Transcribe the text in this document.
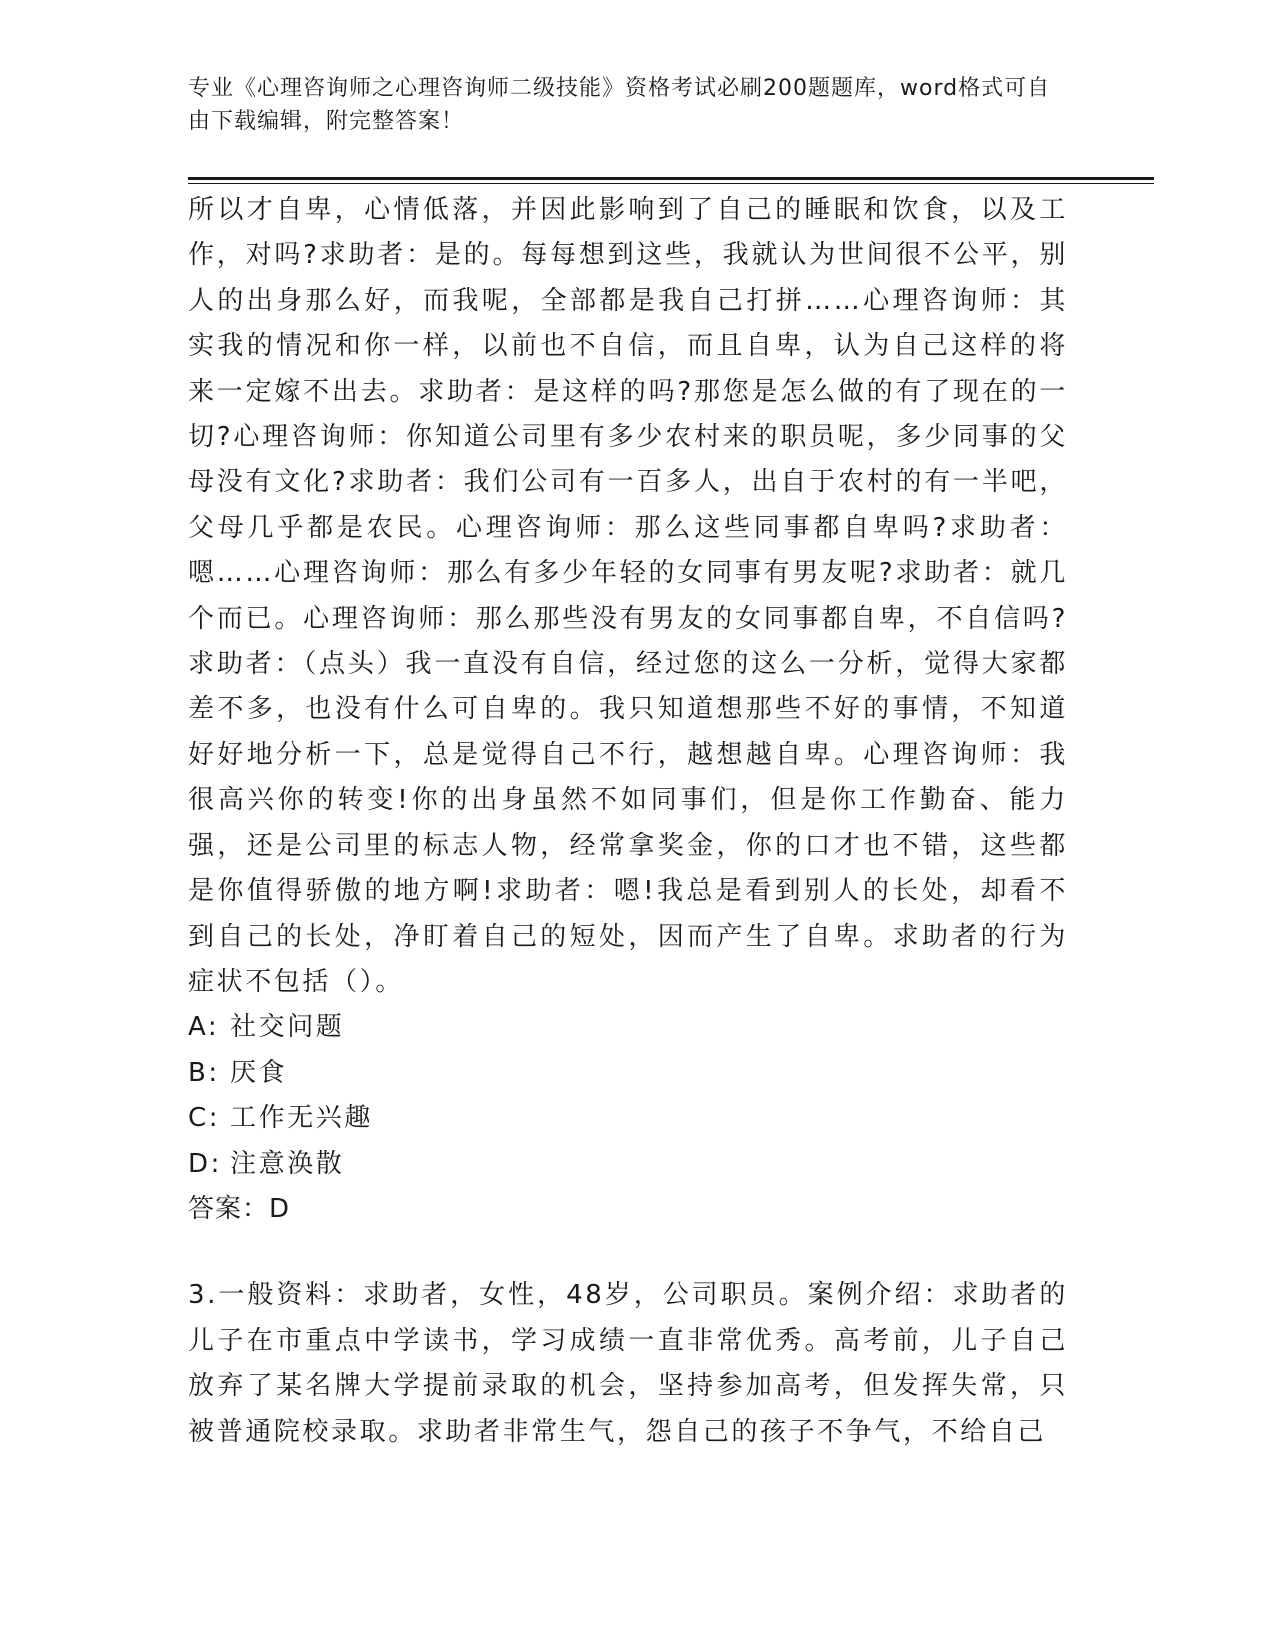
专业《心理咨询师之心理咨询师二级技能》资格考试必刷200题题库，word格式可自由下载编辑，附完整答案！

所以才自卑，心情低落，并因此影响到了自己的睡眠和饮食，以及工作，对吗?求助者：是的。每每想到这些，我就认为世间很不公平，别人的出身那么好，而我呢，全部都是我自己打拼……心理咨询师：其实我的情况和你一样，以前也不自信，而且自卑，认为自己这样的将来一定嫁不出去。求助者：是这样的吗?那您是怎么做的有了现在的一切?心理咨询师：你知道公司里有多少农村来的职员呢，多少同事的父母没有文化?求助者：我们公司有一百多人，出自于农村的有一半吧，父母几乎都是农民。心理咨询师：那么这些同事都自卑吗?求助者：嗯……心理咨询师：那么有多少年轻的女同事有男友呢?求助者：就几个而已。心理咨询师：那么那些没有男友的女同事都自卑，不自信吗?求助者：（点头）我一直没有自信，经过您的这么一分析，觉得大家都差不多，也没有什么可自卑的。我只知道想那些不好的事情，不知道好好地分析一下，总是觉得自己不行，越想越自卑。心理咨询师：我很高兴你的转变!你的出身虽然不如同事们，但是你工作勤奋、能力强，还是公司里的标志人物，经常拿奖金，你的口才也不错，这些都是你值得骄傲的地方啊!求助者：嗯!我总是看到别人的长处，却看不到自己的长处，净盯着自己的短处，因而产生了自卑。求助者的行为症状不包括（）。

A: 社交问题
B: 厌食
C: 工作无兴趣
D: 注意涣散

答案：D

3.一般资料：求助者，女性，48岁，公司职员。案例介绍：求助者的儿子在市重点中学读书，学习成绩一直非常优秀。高考前，儿子自己放弃了某名牌大学提前录取的机会，坚持参加高考，但发挥失常，只被普通院校录取。求助者非常生气，怨自己的孩子不争气，不给自己
